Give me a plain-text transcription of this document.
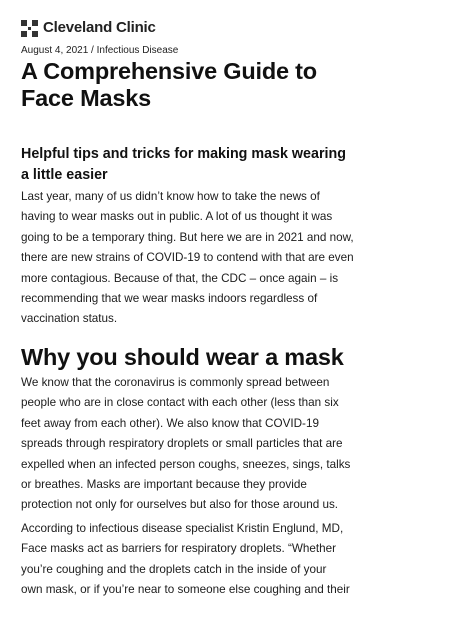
Cleveland Clinic
August 4, 2021 / Infectious Disease
A Comprehensive Guide to
Face Masks
Helpful tips and tricks for making mask wearing
a little easier

Last year, many of us didn’t know how to take the news of
having to wear masks out in public. A lot of us thought it was
going to be a temporary thing. But here we are in 2021 and now,
there are new strains of COVID-19 to contend with that are even
more contagious. Because of that, the CDC – once again – is
recommending that we wear masks indoors regardless of
vaccination status.

Why you should wear a mask

We know that the coronavirus is commonly spread between
people who are in close contact with each other (less than six
feet away from each other). We also know that COVID-19
spreads through respiratory droplets or small particles that are
expelled when an infected person coughs, sneezes, sings, talks
or breathes. Masks are important because they provide
protection not only for ourselves but also for those around us.

According to infectious disease specialist Kristin Englund, MD,
Face masks act as barriers for respiratory droplets. “Whether
you’re coughing and the droplets catch in the inside of your
own mask, or if you’re near to someone else coughing and their
